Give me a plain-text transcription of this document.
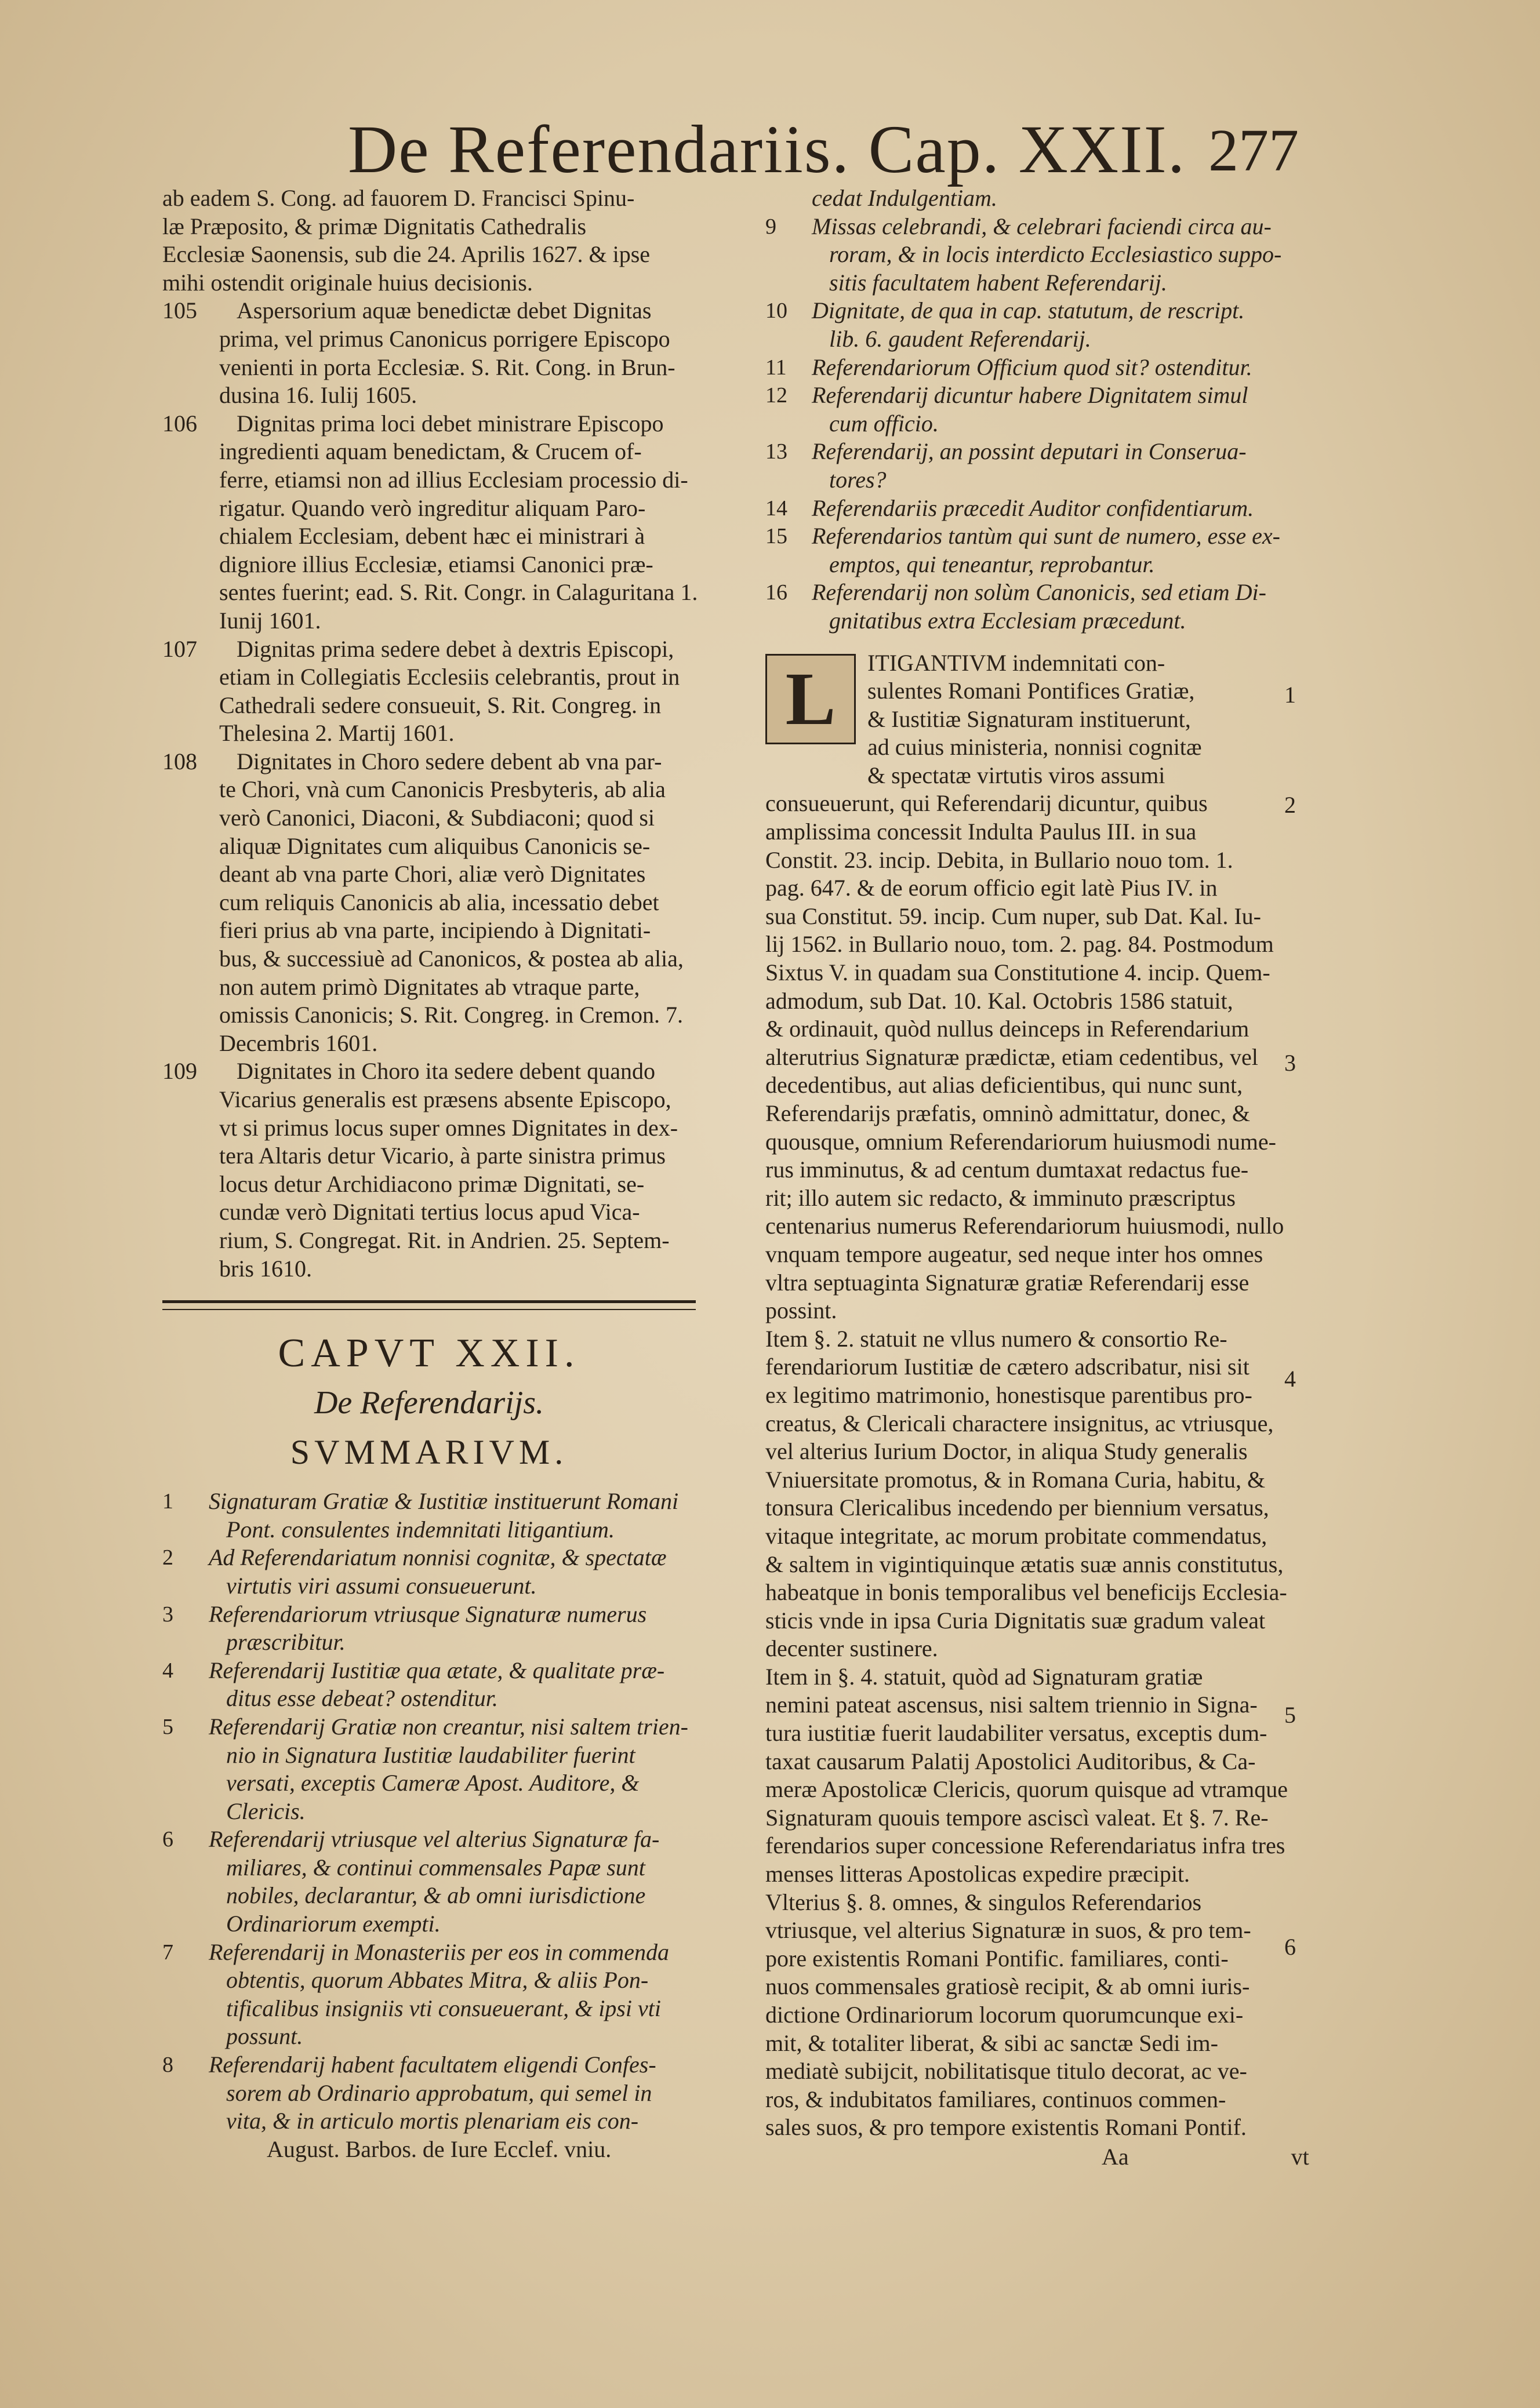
De Referendariis. Cap. XXII. 277
ab eadem S. Cong. ad fauorem D. Francisci Spinu-
læ Præposito, & primæ Dignitatis Cathedralis
Ecclesiæ Saonensis, sub die 24. Aprilis 1627. & ipse
mihi ostendit originale huius decisionis.
105	Aspersorium aquæ benedictæ debet Dignitas
prima, vel primus Canonicus porrigere Episcopo
venienti in porta Ecclesiæ. S. Rit. Cong. in Brun-
dusina 16. Iulij 1605.
106	Dignitas prima loci debet ministrare Episcopo
ingredienti aquam benedictam, & Crucem of-
ferre, etiamsi non ad illius Ecclesiam processio di-
rigatur. Quando verò ingreditur aliquam Paro-
chialem Ecclesiam, debent hæc ei ministrari à
digniore illius Ecclesiæ, etiamsi Canonici præ-
sentes fuerint; ead. S. Rit. Congr. in Calaguritana 1.
Iunij 1601.
107	Dignitas prima sedere debet à dextris Episcopi,
etiam in Collegiatis Ecclesiis celebrantis, prout in
Cathedrali sedere consueuit, S. Rit. Congreg. in
Thelesina 2. Martij 1601.
108	Dignitates in Choro sedere debent ab vna par-
te Chori, vnà cum Canonicis Presbyteris, ab alia
verò Canonici, Diaconi, & Subdiaconi; quod si
aliquæ Dignitates cum aliquibus Canonicis se-
deant ab vna parte Chori, aliæ verò Dignitates
cum reliquis Canonicis ab alia, incessatio debet
fieri prius ab vna parte, incipiendo à Dignitati-
bus, & successiuè ad Canonicos, & postea ab alia,
non autem primò Dignitates ab vtraque parte,
omissis Canonicis; S. Rit. Congreg. in Cremon. 7.
Decembris 1601.
109	Dignitates in Choro ita sedere debent quando
Vicarius generalis est præsens absente Episcopo,
vt si primus locus super omnes Dignitates in dex-
tera Altaris detur Vicario, à parte sinistra primus
locus detur Archidiacono primæ Dignitati, se-
cundæ verò Dignitati tertius locus apud Vica-
rium, S. Congregat. Rit. in Andrien. 25. Septem-
bris 1610.
CAPVT XXII.
De Referendarijs.
SVMMARIVM.
1 Signaturam Gratiæ & Iustitiæ instituerunt Romani
Pont. consulentes indemnitati litigantium.
2 Ad Referendariatum nonnisi cognitæ, & spectatæ
virtutis viri assumi consueuerunt.
3 Referendariorum vtriusque Signaturæ numerus
præscribitur.
4 Referendarij Iustitiæ qua ætate, & qualitate præ-
ditus esse debeat? ostenditur.
5 Referendarij Gratiæ non creantur, nisi saltem trien-
nio in Signatura Iustitiæ laudabiliter fuerint
versati, exceptis Cameræ Apost. Auditore, &
Clericis.
6 Referendarij vtriusque vel alterius Signaturæ fa-
miliares, & continui commensales Papæ sunt
nobiles, declarantur, & ab omni iurisdictione
Ordinariorum exempti.
7 Referendarij in Monasteriis per eos in commenda
obtentis, quorum Abbates Mitra, & aliis Pon-
tificalibus insigniis vti consueuerant, & ipsi vti
possunt.
8 Referendarij habent facultatem eligendi Confes-
sorem ab Ordinario approbatum, qui semel in
vita, & in articulo mortis plenariam eis con-
August. Barbos. de Iure Ecclef. vniu.
cedat Indulgentiam.
9 Missas celebrandi, & celebrari faciendi circa au-
roram, & in locis interdicto Ecclesiastico suppo-
sitis facultatem habent Referendarij.
10 Dignitate, de qua in cap. statutum, de rescript.
lib. 6. gaudent Referendarij.
11 Referendariorum Officium quod sit? ostenditur.
12 Referendarij dicuntur habere Dignitatem simul
cum officio.
13 Referendarij, an possint deputari in Conserua-
tores?
14 Referendariis præcedit Auditor confidentiarum.
15 Referendarios tantùm qui sunt de numero, esse ex-
emptos, qui teneantur, reprobantur.
16 Referendarij non solùm Canonicis, sed etiam Di-
gnitatibus extra Ecclesiam præcedunt.
L	ITIGANTIVM indemnitati con-
sulentes Romani Pontifices Gratiæ,
& Iustitiæ Signaturam instituerunt,
ad cuius ministeria, nonnisi cognitæ
& spectatæ virtutis viros assumi
consueuerunt, qui Referendarij dicuntur, quibus
amplissima concessit Indulta Paulus III. in sua
Constit. 23. incip. Debita, in Bullario nouo tom. 1.
pag. 647. & de eorum officio egit latè Pius IV. in
sua Constitut. 59. incip. Cum nuper, sub Dat. Kal. Iu-
lij 1562. in Bullario nouo, tom. 2. pag. 84. Postmodum
Sixtus V. in quadam sua Constitutione 4. incip. Quem-
admodum, sub Dat. 10. Kal. Octobris 1586 statuit,
& ordinauit, quòd nullus deinceps in Referendarium
alterutrius Signaturæ prædictæ, etiam cedentibus, vel
decedentibus, aut alias deficientibus, qui nunc sunt,
Referendarijs præfatis, omninò admittatur, donec, &
quousque, omnium Referendariorum huiusmodi nume-
rus imminutus, & ad centum dumtaxat redactus fue-
rit; illo autem sic redacto, & imminuto præscriptus
centenarius numerus Referendariorum huiusmodi, nullo
vnquam tempore augeatur, sed neque inter hos omnes
vltra septuaginta Signaturæ gratiæ Referendarij esse
possint.
Item §. 2. statuit ne vllus numero & consortio Re-
ferendariorum Iustitiæ de cætero adscribatur, nisi sit
ex legitimo matrimonio, honestisque parentibus pro-
creatus, & Clericali charactere insignitus, ac vtriusque,
vel alterius Iurium Doctor, in aliqua Study generalis
Vniuersitate promotus, & in Romana Curia, habitu, &
tonsura Clericalibus incedendo per biennium versatus,
vitaque integritate, ac morum probitate commendatus,
& saltem in vigintiquinque ætatis suæ annis constitutus,
habeatque in bonis temporalibus vel beneficijs Ecclesia-
sticis vnde in ipsa Curia Dignitatis suæ gradum valeat
decenter sustinere.
Item in §. 4. statuit, quòd ad Signaturam gratiæ
nemini pateat ascensus, nisi saltem triennio in Signa-
tura iustitiæ fuerit laudabiliter versatus, exceptis dum-
taxat causarum Palatij Apostolici Auditoribus, & Ca-
meræ Apostolicæ Clericis, quorum quisque ad vtramque
Signaturam quouis tempore asciscì valeat. Et §. 7. Re-
ferendarios super concessione Referendariatus infra tres
menses litteras Apostolicas expedire præcipit.
Vlterius §. 8. omnes, & singulos Referendarios
vtriusque, vel alterius Signaturæ in suos, & pro tem-
pore existentis Romani Pontific. familiares, conti-
nuos commensales gratiosè recipit, & ab omni iuris-
dictione Ordinariorum locorum quorumcunque exi-
mit, & totaliter liberat, & sibi ac sanctæ Sedi im-
mediatè subijcit, nobilitatisque titulo decorat, ac ve-
ros, & indubitatos familiares, continuos commen-
sales suos, & pro tempore existentis Romani Pontif.
Aa	vt
1
2
3
4
5
6
